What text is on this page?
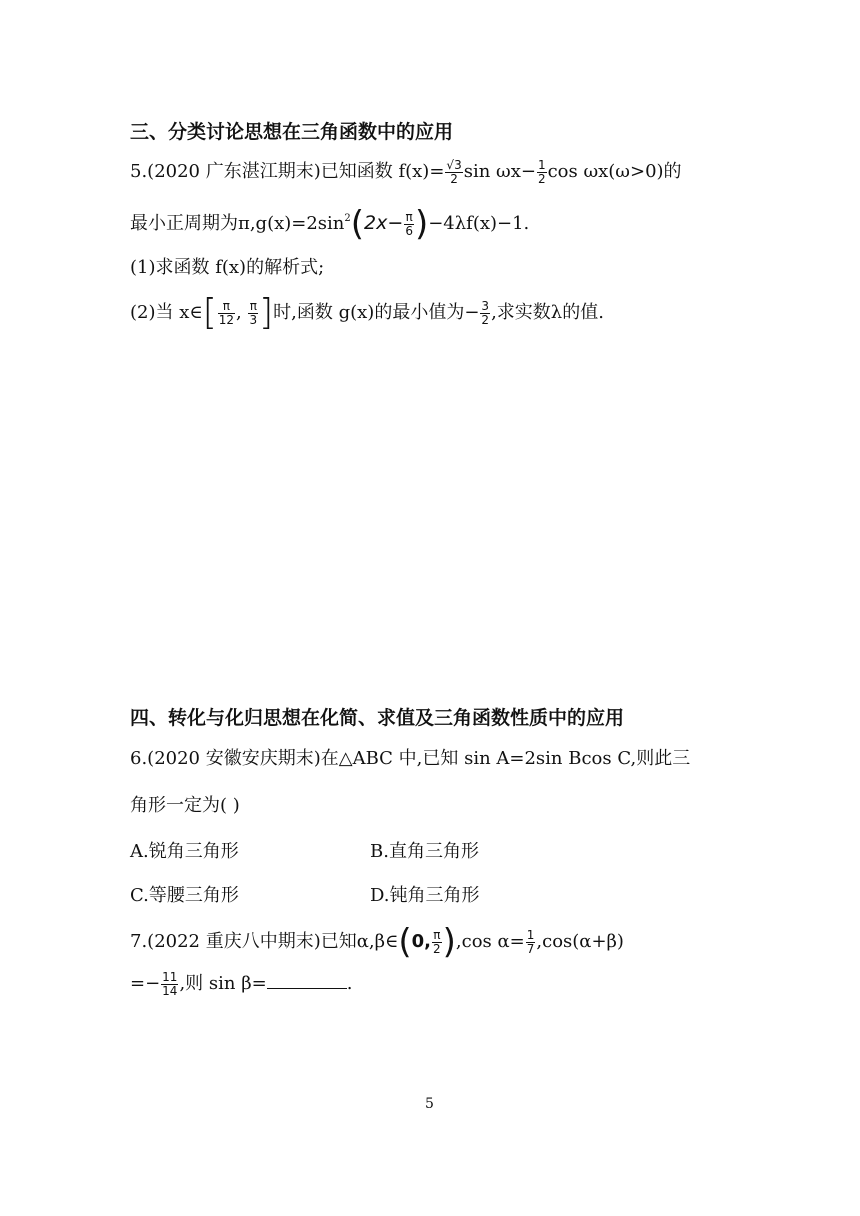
三、分类讨论思想在三角函数中的应用
5.(2020 广东湛江期末)已知函数 $f(x)= \frac{√3}{2}$ $\sin \omega x- \frac{1}{2}$ cos ωx(ω>0)的
最小正周期为$\pi,g(x)=2\sin^2(2x- \frac{\pi}{6} )-4\lambda f(x)-1$.
(1)求函数 f(x)的解析式;
(2)当 x∈[ $\frac{\pi}{12}$ , $\frac{\pi}{3}$ ]时,函数 g(x)的最小值为− $\frac{3}{2}$ ,求实数λ的值.
四、转化与化归思想在化简、求值及三角函数性质中的应用
6.(2020 安徽安庆期末)在△ABC 中,已知 sin A=2sin Bcos C,则此三
角形一定为( )
A.锐角三角形	B.直角三角形
C.等腰三角形	D.钝角三角形
7.(2022 重庆八中期末)已知α,β∈(0, $\frac{\pi}{2} ),\cos$ $\alpha= \frac{1}{7} ,\cos(\alpha+\beta)$
=− $\frac{11}{14}$ ,则 sin β=	.
5
